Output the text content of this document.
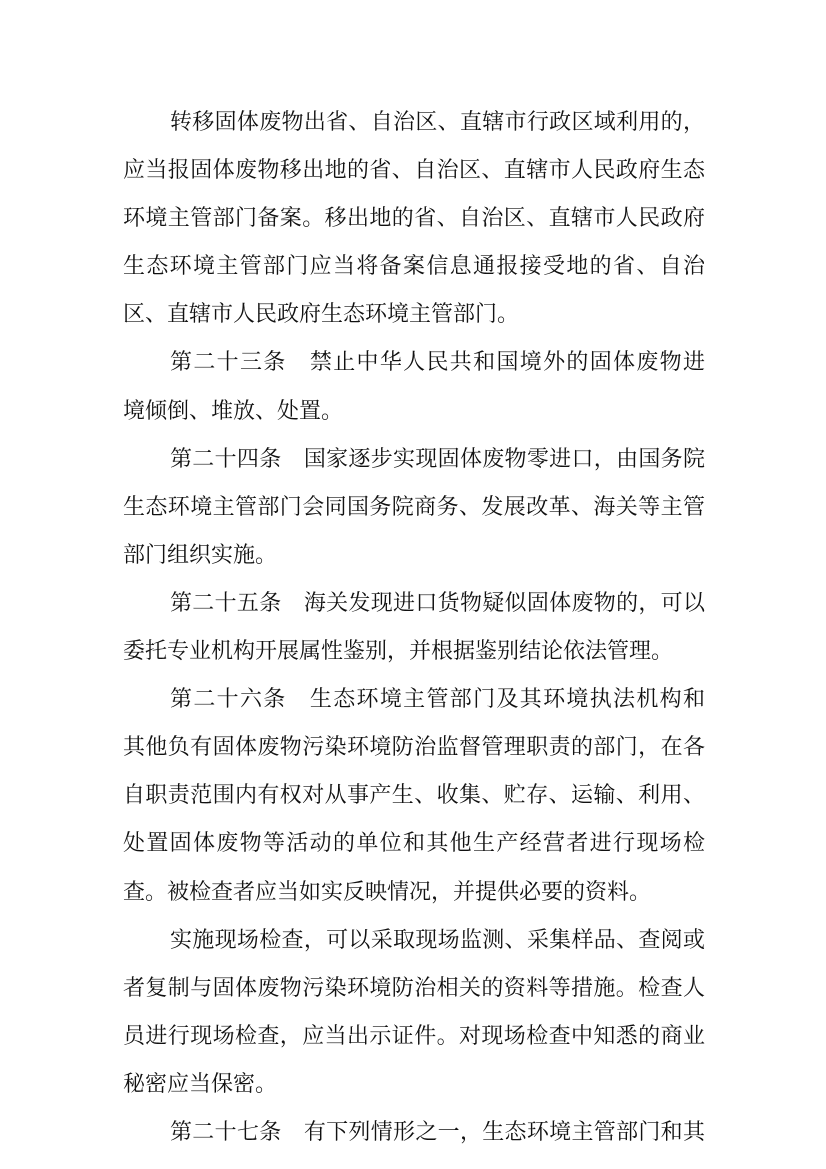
转移固体废物出省、自治区、直辖市行政区域利用的，
应当报固体废物移出地的省、自治区、直辖市人民政府生态
环境主管部门备案。移出地的省、自治区、直辖市人民政府
生态环境主管部门应当将备案信息通报接受地的省、自治
区、直辖市人民政府生态环境主管部门。
第二十三条　禁止中华人民共和国境外的固体废物进
境倾倒、堆放、处置。
第二十四条　国家逐步实现固体废物零进口，由国务院
生态环境主管部门会同国务院商务、发展改革、海关等主管
部门组织实施。
第二十五条　海关发现进口货物疑似固体废物的，可以
委托专业机构开展属性鉴别，并根据鉴别结论依法管理。
第二十六条　生态环境主管部门及其环境执法机构和
其他负有固体废物污染环境防治监督管理职责的部门，在各
自职责范围内有权对从事产生、收集、贮存、运输、利用、
处置固体废物等活动的单位和其他生产经营者进行现场检
查。被检查者应当如实反映情况，并提供必要的资料。
实施现场检查，可以采取现场监测、采集样品、查阅或
者复制与固体废物污染环境防治相关的资料等措施。检查人
员进行现场检查，应当出示证件。对现场检查中知悉的商业
秘密应当保密。
第二十七条　有下列情形之一，生态环境主管部门和其
